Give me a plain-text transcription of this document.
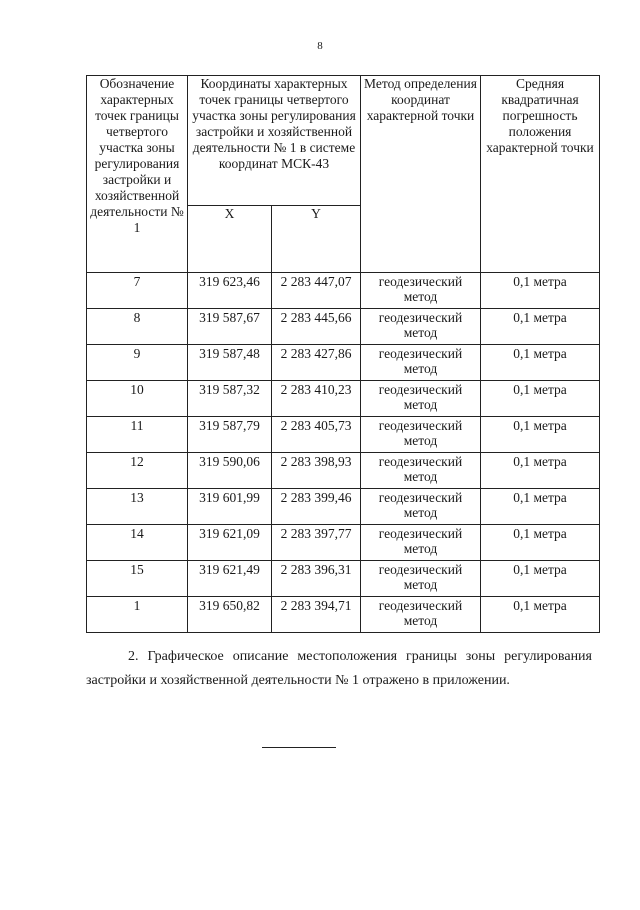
8
Обозначение характерных точек границы четвертого участка зоны регулирования застройки и хозяйственной деятельности № 1	Координаты характерных точек границы четвертого участка зоны регулирования застройки и хозяйственной деятельности № 1 в системе координат МСК-43		Метод определения координат характерной точки	Средняя квадратичная погрешность положения характерной точки
	X	Y		

7	319 623,46	2 283 447,07	геодезический метод	0,1 метра

8	319 587,67	2 283 445,66	геодезический метод	0,1 метра

9	319 587,48	2 283 427,86	геодезический метод	0,1 метра

10	319 587,32	2 283 410,23	геодезический метод	0,1 метра

11	319 587,79	2 283 405,73	геодезический метод	0,1 метра

12	319 590,06	2 283 398,93	геодезический метод	0,1 метра

13	319 601,99	2 283 399,46	геодезический метод	0,1 метра

14	319 621,09	2 283 397,77	геодезический метод	0,1 метра

15	319 621,49	2 283 396,31	геодезический метод	0,1 метра

1	319 650,82	2 283 394,71	геодезический метод	0,1 метра

2. Графическое описание местоположения границы зоны регулирования застройки и хозяйственной деятельности № 1 отражено в приложении.
